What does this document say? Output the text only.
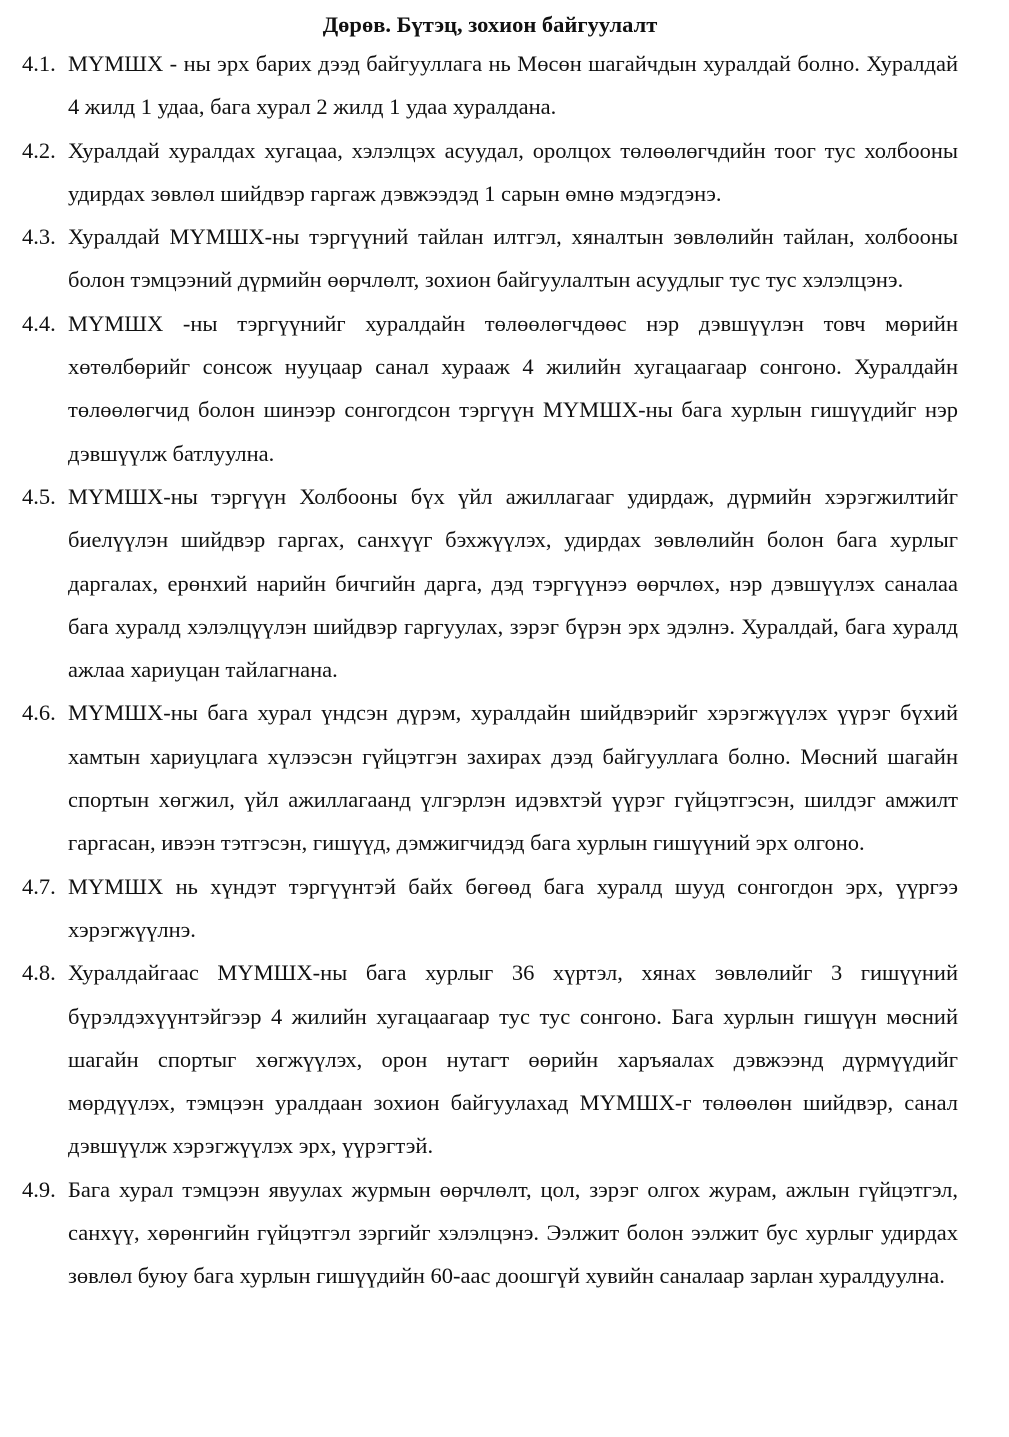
Дөрөв. Бүтэц, зохион байгуулалт
4.1. МҮМШХ - ны эрх барих дээд байгууллага нь Мөсөн шагайчдын хуралдай болно. Хуралдай 4 жилд 1 удаа, бага хурал 2 жилд 1 удаа хуралдана.
4.2. Хуралдай хуралдах хугацаа, хэлэлцэх асуудал, оролцох төлөөлөгчдийн тоог тус холбооны удирдах зөвлөл шийдвэр гаргаж дэвжээдэд 1 сарын өмнө мэдэгдэнэ.
4.3. Хуралдай МҮМШХ-ны тэргүүний тайлан илтгэл, хяналтын зөвлөлийн тайлан, холбооны болон тэмцээний дүрмийн өөрчлөлт, зохион байгуулалтын асуудлыг тус тус хэлэлцэнэ.
4.4. МҮМШХ -ны тэргүүнийг хуралдайн төлөөлөгчдөөс нэр дэвшүүлэн товч мөрийн хөтөлбөрийг сонсож нууцаар санал хурааж 4 жилийн хугацаагаар сонгоно. Хуралдайн төлөөлөгчид болон шинээр сонгогдсон тэргүүн МҮМШХ-ны бага хурлын гишүүдийг нэр дэвшүүлж батлуулна.
4.5. МҮМШХ-ны тэргүүн Холбооны бүх үйл ажиллагааг удирдаж, дүрмийн хэрэгжилтийг биелүүлэн шийдвэр гаргах, санхүүг бэхжүүлэх, удирдах зөвлөлийн болон бага хурлыг даргалах, ерөнхий нарийн бичгийн дарга, дэд тэргүүнээ өөрчлөх, нэр дэвшүүлэх саналаа бага хуралд хэлэлцүүлэн шийдвэр гаргуулах, зэрэг бүрэн эрх эдэлнэ. Хуралдай, бага хуралд ажлаа хариуцан тайлагнана.
4.6. МҮМШХ-ны бага хурал үндсэн дүрэм, хуралдайн шийдвэрийг хэрэгжүүлэх үүрэг бүхий хамтын хариуцлага хүлээсэн гүйцэтгэн захирах дээд байгууллага болно. Мөсний шагайн спортын хөгжил, үйл ажиллагаанд үлгэрлэн идэвхтэй үүрэг гүйцэтгэсэн, шилдэг амжилт гаргасан, ивээн тэтгэсэн, гишүүд, дэмжигчидэд бага хурлын гишүүний эрх олгоно.
4.7. МҮМШХ нь хүндэт тэргүүнтэй байх бөгөөд бага хуралд шууд сонгогдон эрх, үүргээ хэрэгжүүлнэ.
4.8. Хуралдайгаас МҮМШХ-ны бага хурлыг 36 хүртэл, хянах зөвлөлийг 3 гишүүний бүрэлдэхүүнтэйгээр 4 жилийн хугацаагаар тус тус сонгоно. Бага хурлын гишүүн мөсний шагайн спортыг хөгжүүлэх, орон нутагт өөрийн харъяалах дэвжээнд дүрмүүдийг мөрдүүлэх, тэмцээн уралдаан зохион байгуулахад МҮМШХ-г төлөөлөн шийдвэр, санал дэвшүүлж хэрэгжүүлэх эрх, үүрэгтэй.
4.9. Бага хурал тэмцээн явуулах журмын өөрчлөлт, цол, зэрэг олгох журам, ажлын гүйцэтгэл, санхүү, хөрөнгийн гүйцэтгэл зэргийг хэлэлцэнэ. Ээлжит болон ээлжит бус хурлыг удирдах зөвлөл буюу бага хурлын гишүүдийн 60-аас доошгүй хувийн саналаар зарлан хуралдуулна.
